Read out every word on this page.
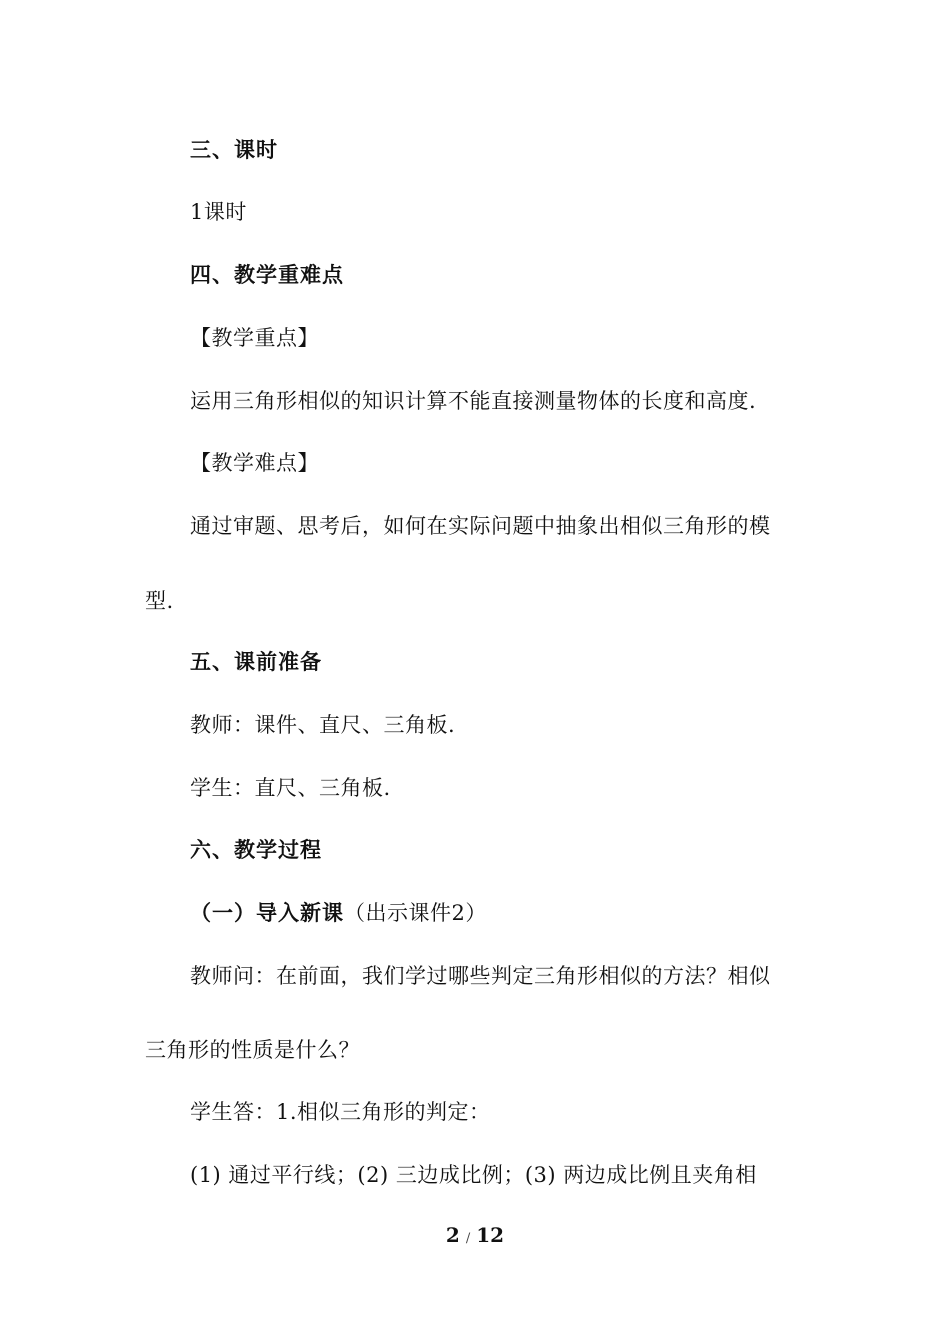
三、课时
1课时
四、教学重难点
【教学重点】
运用三角形相似的知识计算不能直接测量物体的长度和高度.
【教学难点】
通过审题、思考后，如何在实际问题中抽象出相似三角形的模
型.
五、课前准备
教师：课件、直尺、三角板.
学生：直尺、三角板.
六、教学过程
（一）导入新课（出示课件2）
教师问：在前面，我们学过哪些判定三角形相似的方法？相似
三角形的性质是什么？
学生答：1.相似三角形的判定：
(1) 通过平行线；(2) 三边成比例；(3) 两边成比例且夹角相
2 / 12
